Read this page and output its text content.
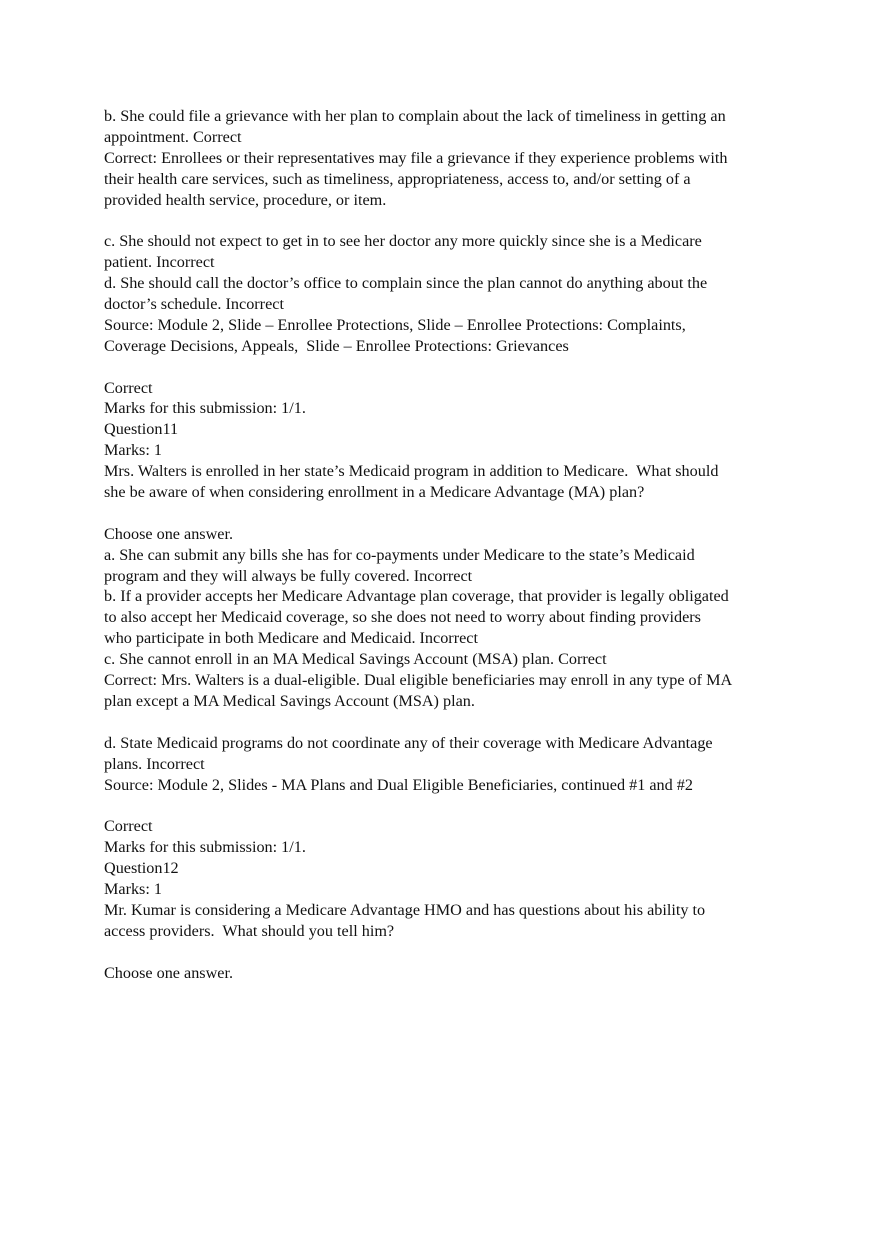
b. She could file a grievance with her plan to complain about the lack of timeliness in getting an
appointment. Correct
Correct: Enrollees or their representatives may file a grievance if they experience problems with
their health care services, such as timeliness, appropriateness, access to, and/or setting of a
provided health service, procedure, or item.
c. She should not expect to get in to see her doctor any more quickly since she is a Medicare
patient. Incorrect
d. She should call the doctor’s office to complain since the plan cannot do anything about the
doctor’s schedule. Incorrect
Source: Module 2, Slide – Enrollee Protections, Slide – Enrollee Protections: Complaints,
Coverage Decisions, Appeals,  Slide – Enrollee Protections: Grievances
Correct
Marks for this submission: 1/1.
Question11
Marks: 1
Mrs. Walters is enrolled in her state’s Medicaid program in addition to Medicare.  What should
she be aware of when considering enrollment in a Medicare Advantage (MA) plan?
Choose one answer.
a. She can submit any bills she has for co-payments under Medicare to the state’s Medicaid
program and they will always be fully covered. Incorrect
b. If a provider accepts her Medicare Advantage plan coverage, that provider is legally obligated
to also accept her Medicaid coverage, so she does not need to worry about finding providers
who participate in both Medicare and Medicaid. Incorrect
c. She cannot enroll in an MA Medical Savings Account (MSA) plan. Correct
Correct: Mrs. Walters is a dual-eligible. Dual eligible beneficiaries may enroll in any type of MA
plan except a MA Medical Savings Account (MSA) plan.
d. State Medicaid programs do not coordinate any of their coverage with Medicare Advantage
plans. Incorrect
Source: Module 2, Slides - MA Plans and Dual Eligible Beneficiaries, continued #1 and #2
Correct
Marks for this submission: 1/1.
Question12
Marks: 1
Mr. Kumar is considering a Medicare Advantage HMO and has questions about his ability to
access providers.  What should you tell him?
Choose one answer.
